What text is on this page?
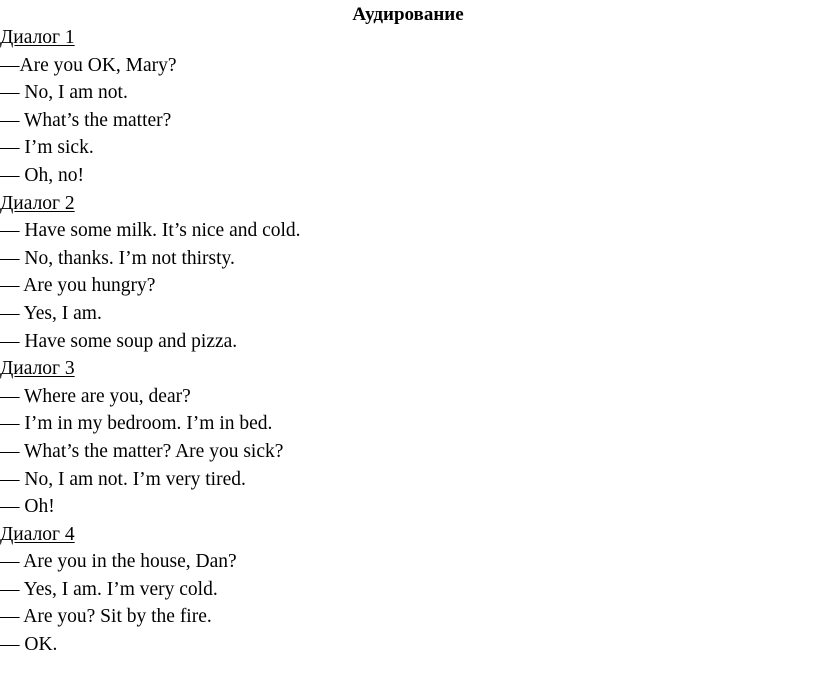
Аудирование
Диалог 1
—Are you OK, Mary?
— No, I am not.
— What’s the matter?
— I’m sick.
— Oh, no!
Диалог 2
— Have some milk. It’s nice and cold.
— No, thanks. I’m not thirsty.
— Are you hungry?
— Yes, I am.
— Have some soup and pizza.
Диалог 3
— Where are you, dear?
— I’m in my bedroom. I’m in bed.
— What’s the matter? Are you sick?
— No, I am not. I’m very tired.
— Oh!
Диалог 4
— Are you in the house, Dan?
— Yes, I am. I’m very cold.
— Are you? Sit by the fire.
— OK.
